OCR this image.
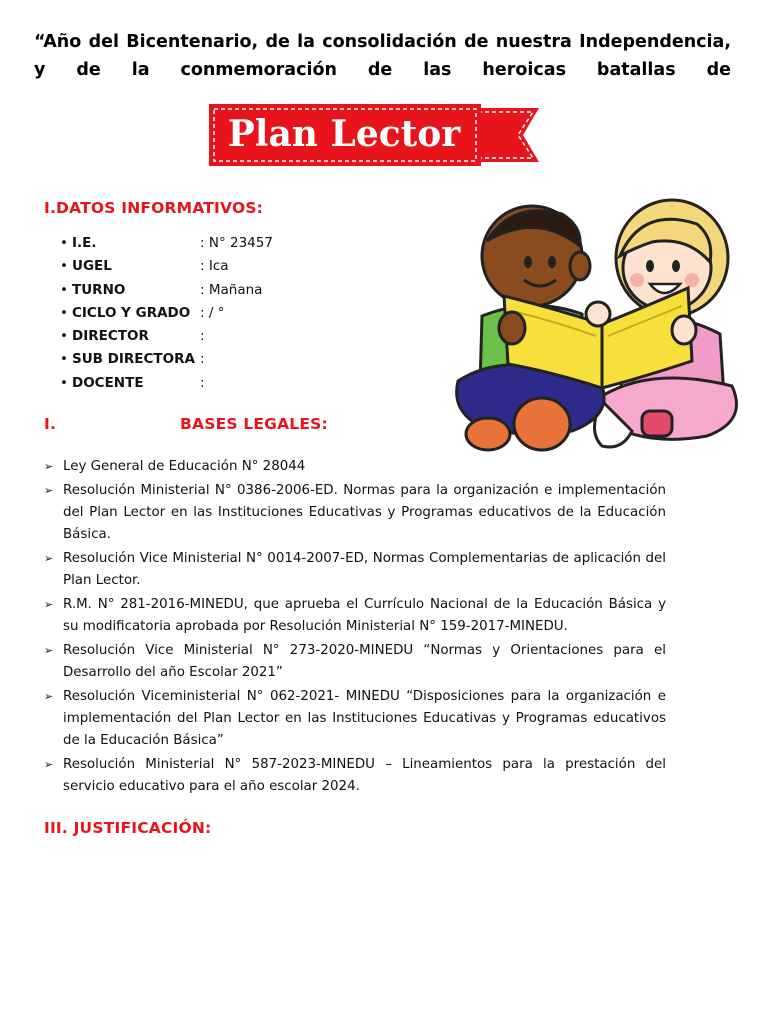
“Año del Bicentenario, de la consolidación de nuestra Independencia, y de la conmemoración de las heroicas batallas de
Plan Lector
I.DATOS INFORMATIVOS:
• I.E.	: N° 23457
• UGEL	: Ica
• TURNO	: Mañana
• CICLO Y GRADO : / °
• DIRECTOR	:
• SUB DIRECTORA :
• DOCENTE	:
I.	BASES LEGALES:
➢ Ley General de Educación N° 28044
➢ Resolución Ministerial N° 0386-2006-ED. Normas para la organización e implementación del Plan Lector en las Instituciones Educativas y Programas educativos de la Educación Básica.
➢ Resolución Vice Ministerial N° 0014-2007-ED, Normas Complementarias de aplicación del Plan Lector.
➢ R.M. N° 281-2016-MINEDU, que aprueba el Currículo Nacional de la Educación Básica y su modificatoria aprobada por Resolución Ministerial N° 159-2017-MINEDU.
➢ Resolución Vice Ministerial N° 273-2020-MINEDU “Normas y Orientaciones para el Desarrollo del año Escolar 2021”
➢ Resolución Viceministerial N° 062-2021- MINEDU “Disposiciones para la organización e implementación del Plan Lector en las Instituciones Educativas y Programas educativos de la Educación Básica”
➢ Resolución Ministerial N° 587-2023-MINEDU – Lineamientos para la prestación del servicio educativo para el año escolar 2024.
III. JUSTIFICACIÓN:
